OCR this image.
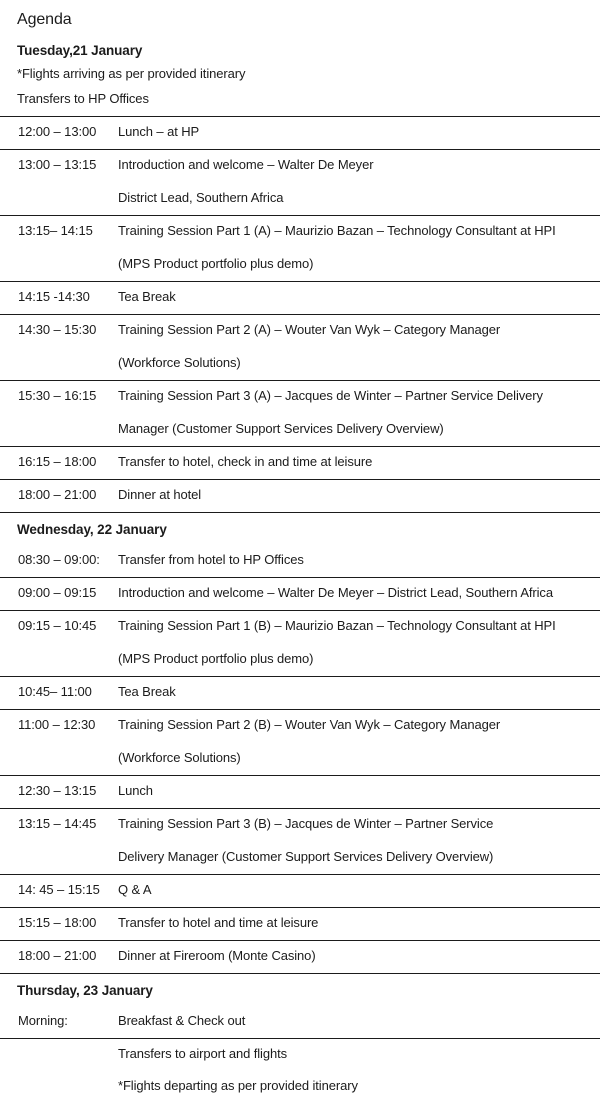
Agenda
Tuesday,21 January
*Flights arriving as per provided itinerary
Transfers to HP Offices
12:00 – 13:00	Lunch – at HP
13:00 – 13:15	Introduction and welcome – Walter De Meyer
District Lead, Southern Africa
13:15– 14:15	Training Session Part 1 (A) – Maurizio Bazan – Technology Consultant at HPI
(MPS Product portfolio plus demo)
14:15 -14:30	Tea Break
14:30 – 15:30	Training Session Part 2 (A) – Wouter Van Wyk – Category Manager
(Workforce Solutions)
15:30 – 16:15	Training Session Part 3 (A) – Jacques de Winter – Partner Service Delivery
Manager (Customer Support Services Delivery Overview)
16:15 – 18:00	Transfer to hotel, check in and time at leisure
18:00 – 21:00	Dinner at hotel
Wednesday, 22 January
08:30 – 09:00:	Transfer from hotel to HP Offices
09:00 – 09:15	Introduction and welcome – Walter De Meyer – District Lead, Southern Africa
09:15 – 10:45	Training Session Part 1 (B) – Maurizio Bazan – Technology Consultant at HPI
(MPS Product portfolio plus demo)
10:45– 11:00	Tea Break
11:00 – 12:30	Training Session Part 2 (B) – Wouter Van Wyk – Category Manager
(Workforce Solutions)
12:30 – 13:15	Lunch
13:15 – 14:45	Training Session Part 3 (B) – Jacques de Winter – Partner Service
Delivery Manager (Customer Support Services Delivery Overview)
14: 45 – 15:15	Q & A
15:15 – 18:00	Transfer to hotel and time at leisure
18:00 – 21:00	Dinner at Fireroom (Monte Casino)
Thursday, 23 January
Morning:	Breakfast & Check out
Transfers to airport and flights
*Flights departing as per provided itinerary
